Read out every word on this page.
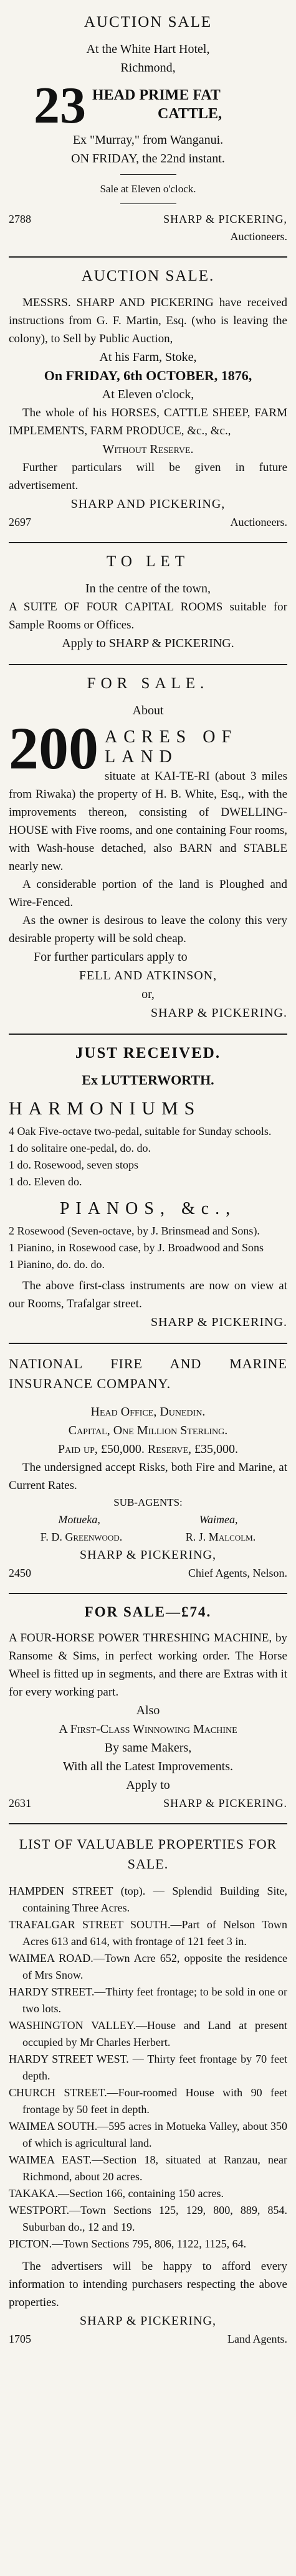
AUCTION SALE
At the White Hart Hotel,
Richmond,
23 HEAD PRIME FAT
CATTLE,
Ex "Murray," from Wanganui.
ON FRIDAY, the 22nd instant.
Sale at Eleven o'clock.
2788	SHARP & PICKERING,
Auctioneers.
AUCTION SALE.
MESSRS. SHARP AND PICKERING have received instructions from G. F. Martin, Esq. (who is leaving the colony), to Sell by Public Auction,
At his Farm, Stoke,
On FRIDAY, 6th OCTOBER, 1876,
At Eleven o'clock,
The whole of his HORSES, CATTLE SHEEP, FARM IMPLEMENTS, FARM PRODUCE, &c., &c.,
Without Reserve.
Further particulars will be given in future advertisement.
SHARP AND PICKERING,
2697	Auctioneers.
TO LET
In the centre of the town,
A SUITE OF FOUR CAPITAL ROOMS suitable for Sample Rooms or Offices.
Apply to SHARP & PICKERING.
FOR SALE.
About
200 ACRES OF LAND
situate at KAI-TE-RI (about 3 miles from Riwaka) the property of H. B. White, Esq., with the improvements thereon, consisting of DWELLING-HOUSE with Five rooms, and one containing Four rooms, with Wash-house detached, also BARN and STABLE nearly new.
A considerable portion of the land is Ploughed and Wire-Fenced.
As the owner is desirous to leave the colony this very desirable property will be sold cheap.
For further particulars apply to
FELL AND ATKINSON,
or,
SHARP & PICKERING.
JUST RECEIVED.
Ex LUTTERWORTH.
HARMONIUMS
4 Oak Five-octave two-pedal, suitable for Sunday schools.
1 do solitaire one-pedal, do. do.
1 do. Rosewood, seven stops
1 do. Eleven do.
PIANOS, &c.,
2 Rosewood (Seven-octave, by J. Brinsmead and Sons).
1 Pianino, in Rosewood case, by J. Broadwood and Sons
1 Pianino, do. do. do.
The above first-class instruments are now on view at our Rooms, Trafalgar street.
SHARP & PICKERING.
NATIONAL FIRE AND MARINE INSURANCE COMPANY.
Head Office, Dunedin.
Capital, One Million Sterling.
Paid up, £50,000. Reserve, £35,000.
The undersigned accept Risks, both Fire and Marine, at Current Rates.
SUB-AGENTS:
Motueka,	Waimea,
F. D. Greenwood.	R. J. Malcolm.
SHARP & PICKERING,
2450	Chief Agents, Nelson.
FOR SALE—£74.
A FOUR-HORSE POWER THRESHING MACHINE, by Ransome & Sims, in perfect working order. The Horse Wheel is fitted up in segments, and there are Extras with it for every working part.
Also
A First-Class Winnowing Machine
By same Makers,
With all the Latest Improvements.
Apply to
2631	SHARP & PICKERING.
LIST OF VALUABLE PROPERTIES FOR SALE.
HAMPDEN STREET (top). — Splendid Building Site, containing Three Acres.
TRAFALGAR STREET SOUTH.—Part of Nelson Town Acres 613 and 614, with frontage of 121 feet 3 in.
WAIMEA ROAD.—Town Acre 652, opposite the residence of Mrs Snow.
HARDY STREET.—Thirty feet frontage; to be sold in one or two lots.
WASHINGTON VALLEY.—House and Land at present occupied by Mr Charles Herbert.
HARDY STREET WEST. — Thirty feet frontage by 70 feet depth.
CHURCH STREET.—Four-roomed House with 90 feet frontage by 50 feet in depth.
WAIMEA SOUTH.—595 acres in Motueka Valley, about 350 of which is agricultural land.
WAIMEA EAST.—Section 18, situated at Ranzau, near Richmond, about 20 acres.
TAKAKA.—Section 166, containing 150 acres.
WESTPORT.—Town Sections 125, 129, 800, 889, 854. Suburban do., 12 and 19.
PICTON.—Town Sections 795, 806, 1122, 1125, 64.
The advertisers will be happy to afford every information to intending purchasers respecting the above properties.
SHARP & PICKERING,
1705	Land Agents.
